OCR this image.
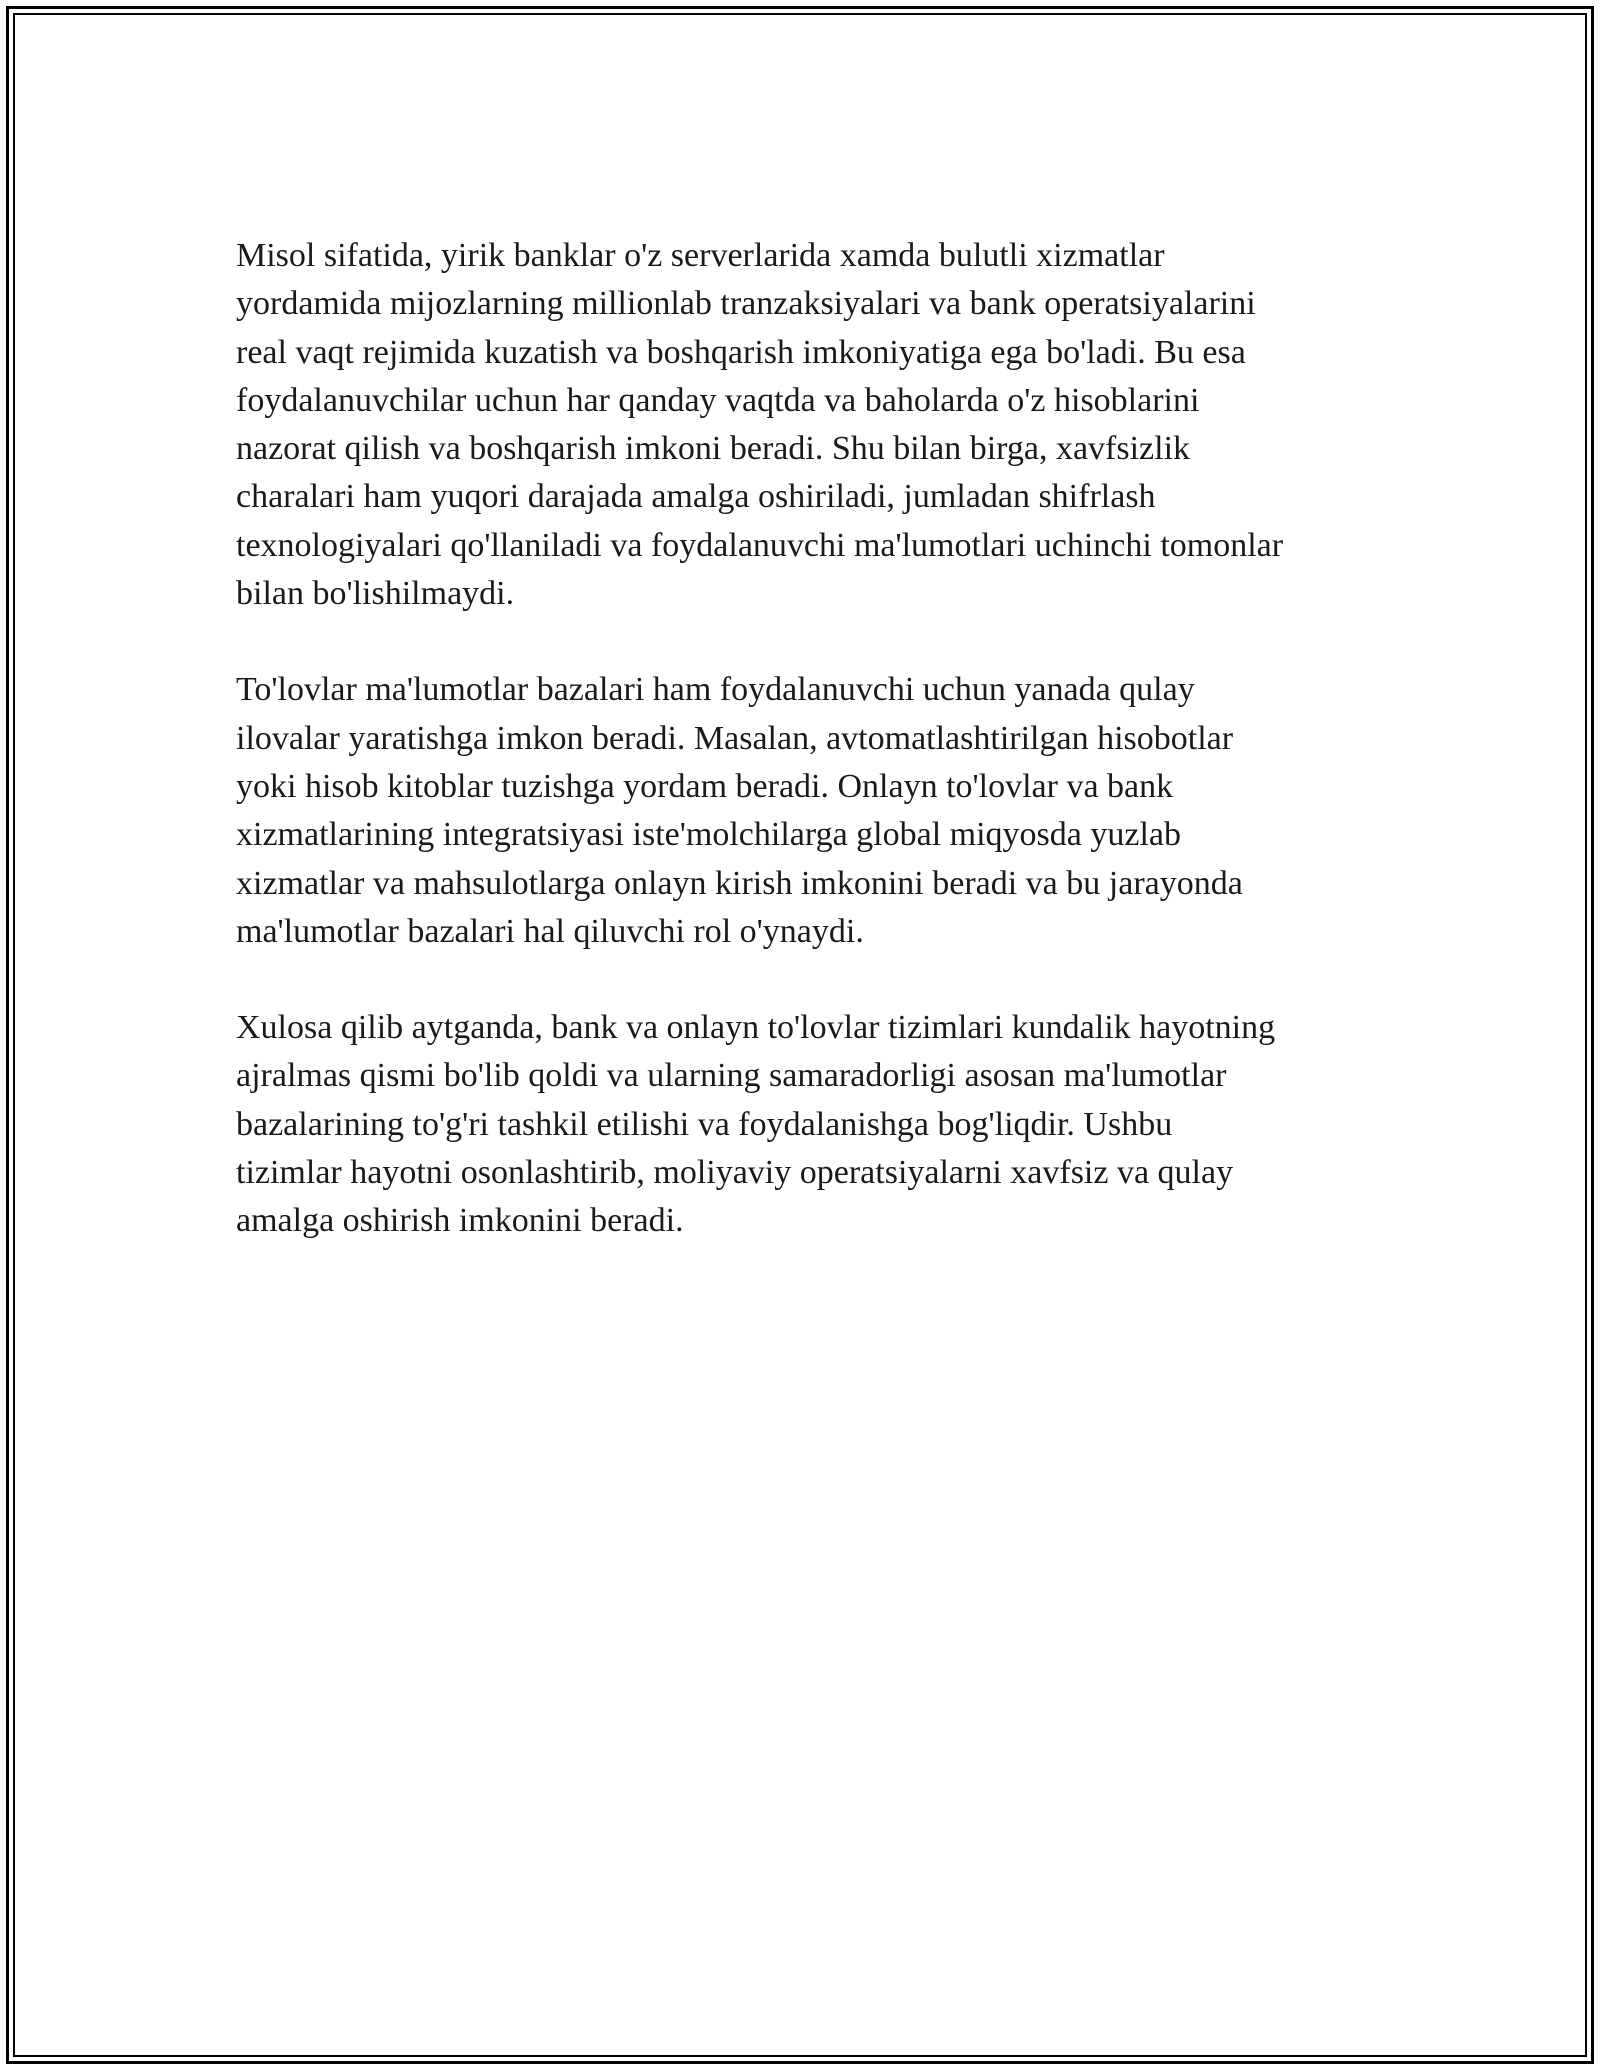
Misol sifatida, yirik banklar o'z serverlarida xamda bulutli xizmatlar
yordamida mijozlarning millionlab tranzaksiyalari va bank operatsiyalarini
real vaqt rejimida kuzatish va boshqarish imkoniyatiga ega bo'ladi. Bu esa
foydalanuvchilar uchun har qanday vaqtda va baholarda o'z hisoblarini
nazorat qilish va boshqarish imkoni beradi. Shu bilan birga, xavfsizlik
charalari ham yuqori darajada amalga oshiriladi, jumladan shifrlash
texnologiyalari qo'llaniladi va foydalanuvchi ma'lumotlari uchinchi tomonlar
bilan bo'lishilmaydi.

To'lovlar ma'lumotlar bazalari ham foydalanuvchi uchun yanada qulay
ilovalar yaratishga imkon beradi. Masalan, avtomatlashtirilgan hisobotlar
yoki hisob kitoblar tuzishga yordam beradi. Onlayn to'lovlar va bank
xizmatlarining integratsiyasi iste'molchilarga global miqyosda yuzlab
xizmatlar va mahsulotlarga onlayn kirish imkonini beradi va bu jarayonda
ma'lumotlar bazalari hal qiluvchi rol o'ynaydi.

Xulosa qilib aytganda, bank va onlayn to'lovlar tizimlari kundalik hayotning
ajralmas qismi bo'lib qoldi va ularning samaradorligi asosan ma'lumotlar
bazalarining to'g'ri tashkil etilishi va foydalanishga bog'liqdir. Ushbu
tizimlar hayotni osonlashtirib, moliyaviy operatsiyalarni xavfsiz va qulay
amalga oshirish imkonini beradi.
